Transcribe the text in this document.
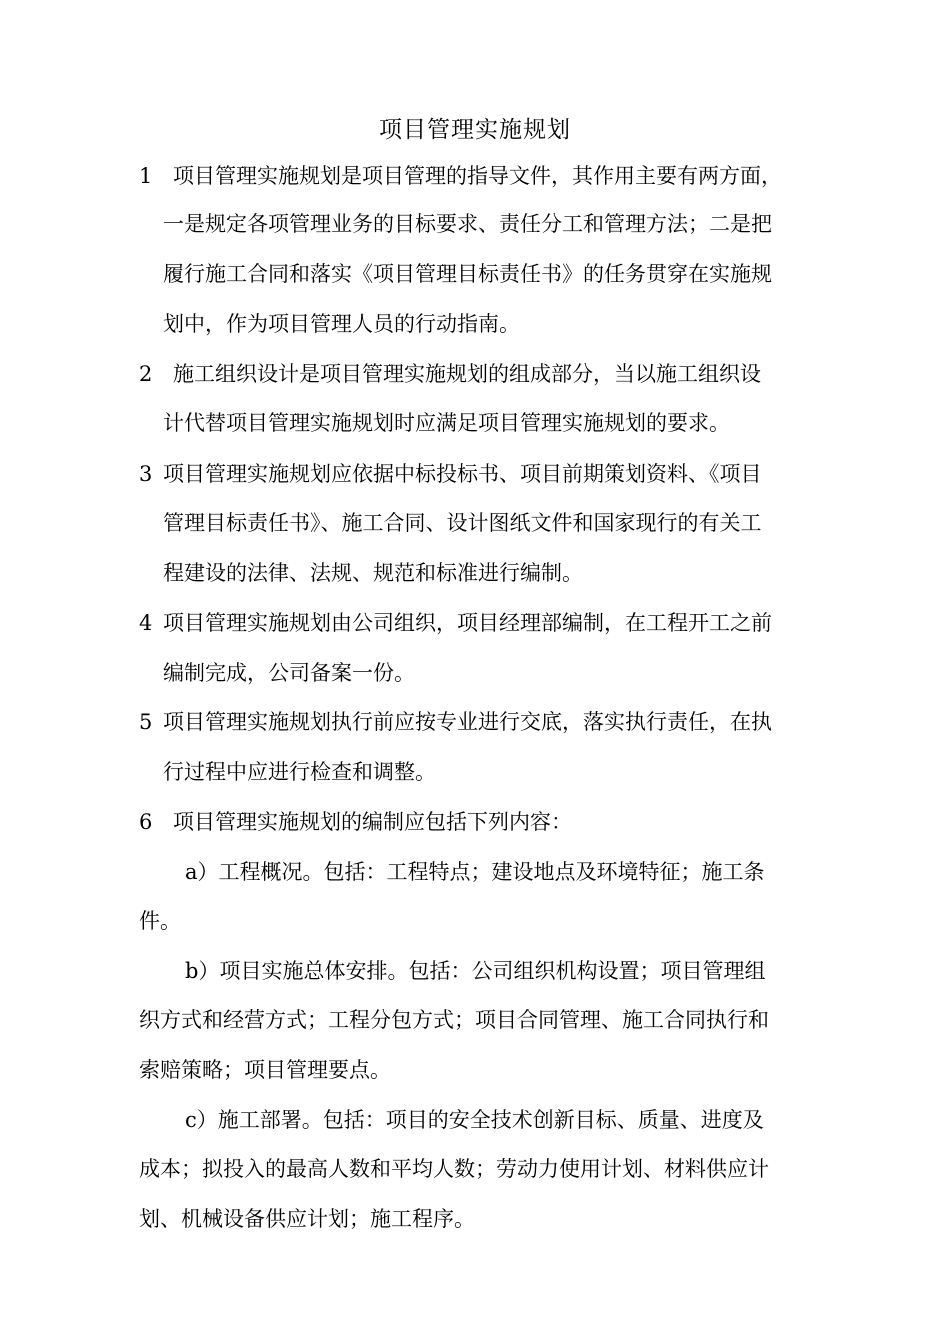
项目管理实施规划
1 项目管理实施规划是项目管理的指导文件，其作用主要有两方面，
一是规定各项管理业务的目标要求、责任分工和管理方法；二是把
履行施工合同和落实《项目管理目标责任书》的任务贯穿在实施规
划中，作为项目管理人员的行动指南。
2 施工组织设计是项目管理实施规划的组成部分，当以施工组织设
计代替项目管理实施规划时应满足项目管理实施规划的要求。
3 项目管理实施规划应依据中标投标书、项目前期策划资料、《项目
管理目标责任书》、施工合同、设计图纸文件和国家现行的有关工
程建设的法律、法规、规范和标准进行编制。
4 项目管理实施规划由公司组织，项目经理部编制，在工程开工之前
编制完成，公司备案一份。
5 项目管理实施规划执行前应按专业进行交底，落实执行责任，在执
行过程中应进行检查和调整。
6 项目管理实施规划的编制应包括下列内容：
a）工程概况。包括：工程特点；建设地点及环境特征；施工条
件。
b）项目实施总体安排。包括：公司组织机构设置；项目管理组
织方式和经营方式；工程分包方式；项目合同管理、施工合同执行和
索赔策略；项目管理要点。
c）施工部署。包括：项目的安全技术创新目标、质量、进度及
成本；拟投入的最高人数和平均人数；劳动力使用计划、材料供应计
划、机械设备供应计划；施工程序。
